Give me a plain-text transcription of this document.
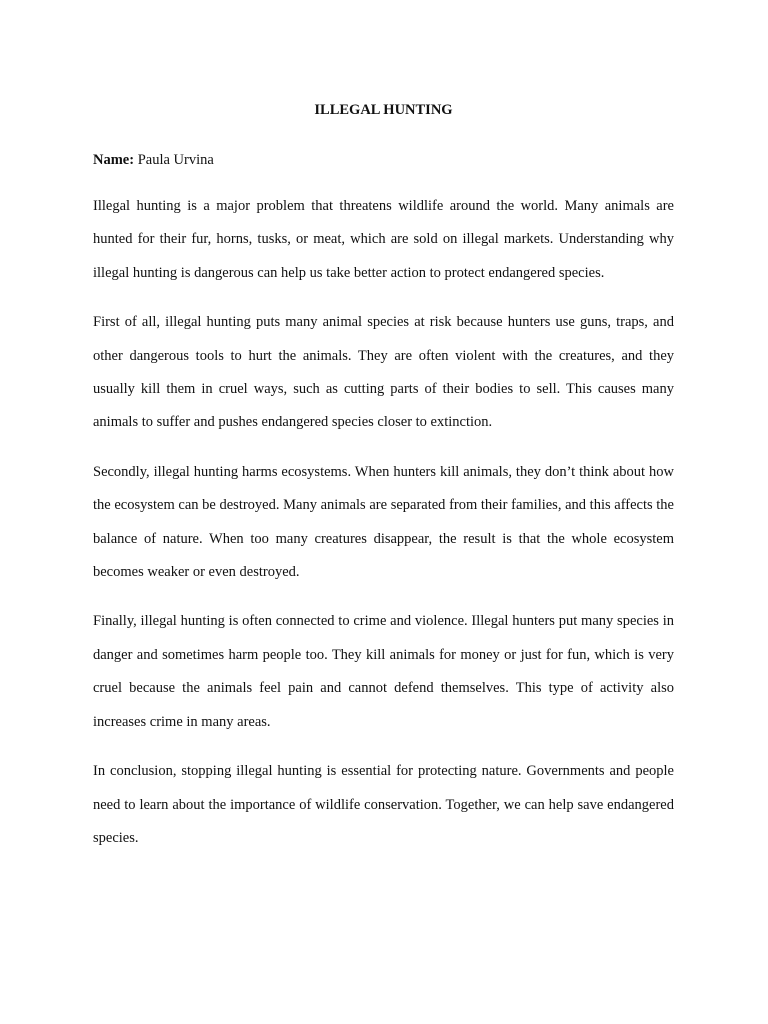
ILLEGAL HUNTING
Name: Paula Urvina

Illegal hunting is a major problem that threatens wildlife around the world. Many animals are hunted for their fur, horns, tusks, or meat, which are sold on illegal markets. Understanding why illegal hunting is dangerous can help us take better action to protect endangered species.

First of all, illegal hunting puts many animal species at risk because hunters use guns, traps, and other dangerous tools to hurt the animals. They are often violent with the creatures, and they usually kill them in cruel ways, such as cutting parts of their bodies to sell. This causes many animals to suffer and pushes endangered species closer to extinction.

Secondly, illegal hunting harms ecosystems. When hunters kill animals, they don’t think about how the ecosystem can be destroyed. Many animals are separated from their families, and this affects the balance of nature. When too many creatures disappear, the result is that the whole ecosystem becomes weaker or even destroyed.

Finally, illegal hunting is often connected to crime and violence. Illegal hunters put many species in danger and sometimes harm people too. They kill animals for money or just for fun, which is very cruel because the animals feel pain and cannot defend themselves. This type of activity also increases crime in many areas.

In conclusion, stopping illegal hunting is essential for protecting nature. Governments and people need to learn about the importance of wildlife conservation. Together, we can help save endangered species.
